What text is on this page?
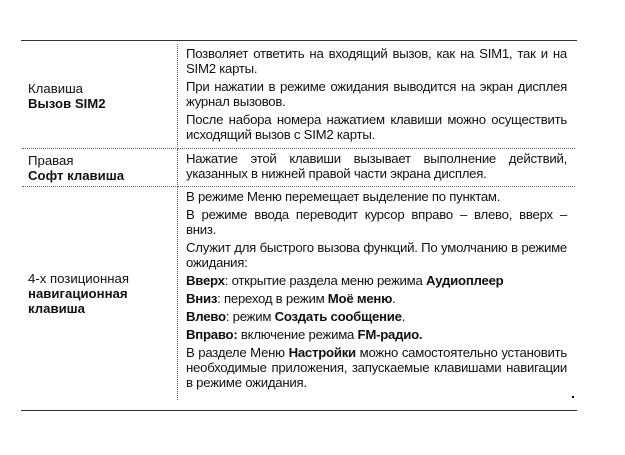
Клавиша
Вызов SIM2

Позволяет ответить на входящий вызов, как на SIM1, так и на SIM2 карты.

При нажатии в режиме ожидания выводится на экран дисплея журнал вызовов.

После набора номера нажатием клавиши можно осуществить исходящий вызов с SIM2 карты.

Правая
Софт клавиша

Нажатие этой клавиши вызывает выполнение действий, указанных в нижней правой части экрана дисплея.

4-х позиционная
навигационная
клавиша

В режиме Меню перемещает выделение по пунктам.

В режиме ввода переводит курсор вправо – влево, вверх – вниз.

Служит для быстрого вызова функций. По умолчанию в режиме ожидания:

Вверх: открытие раздела меню режима Аудиоплеер

Вниз: переход в режим Моё меню.

Влево: режим Создать сообщение.

Вправо: включение режима FM-радио.

В разделе Меню Настройки можно самостоятельно установить необходимые приложения, запускаемые клавишами навигации в режиме ожидания.
